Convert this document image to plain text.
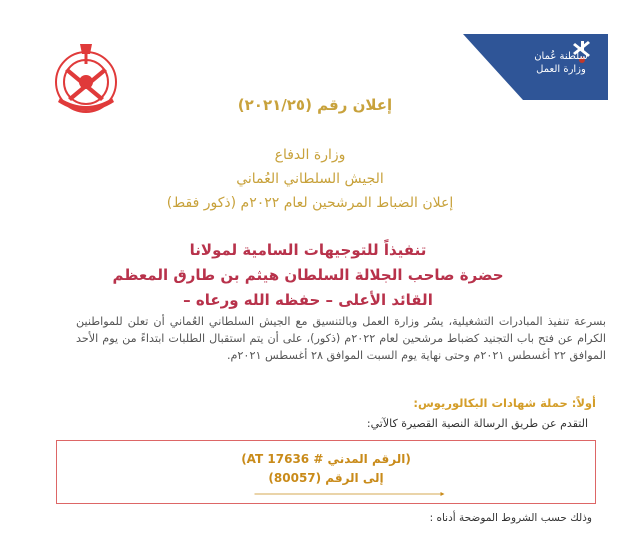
سلطنة عُمان
وزارة العمل
إعلان رقم (٢٠٢١/٢٥)
وزارة الدفاع
الجيش السلطاني العُماني
إعلان الضباط المرشحين لعام ٢٠٢٢م (ذكور فقط)
تنفيذاً للتوجيهات السامية لمولانا
حضرة صاحب الجلالة السلطان هيثم بن طارق المعظم
القائد الأعلى – حفظه الله ورعاه –
بسرعة تنفيذ المبادرات التشغيلية، يسُر وزارة العمل وبالتنسيق مع الجيش السلطاني العُماني أن تعلن للمواطنين الكرام عن فتح باب التجنيد كضباط مرشحين لعام ٢٠٢٢م (ذكور)، على أن يتم استقبال الطلبات ابتداءً من يوم الأحد الموافق ٢٢ أغسطس ٢٠٢١م وحتى نهاية يوم السبت الموافق ٢٨ أغسطس ٢٠٢١م.
أولاً: حملة شهادات البكالوريوس:
التقدم عن طريق الرسالة النصية القصيرة كالآتي:
(AT الرقم المدني # 17636)
إلى الرقم (80057)
وذلك حسب الشروط الموضحة أدناه :
